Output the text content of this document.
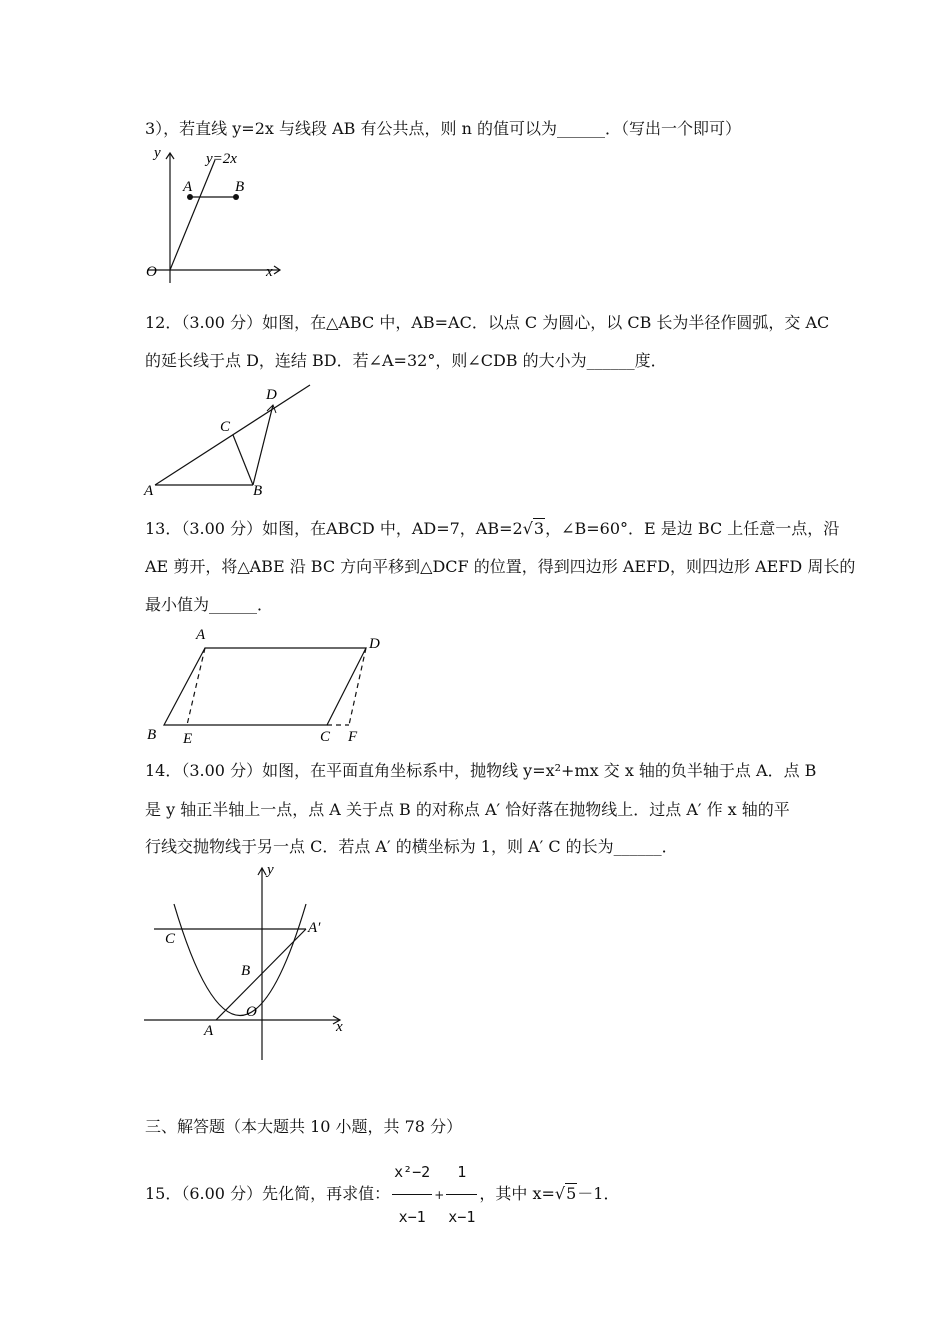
3），若直线 y=2x 与线段 AB 有公共点，则 n 的值可以为______．（写出一个即可）
y	y=2x
A	B
O	x
12．（3.00 分）如图，在△ABC 中，AB=AC．以点 C 为圆心，以 CB 长为半径作圆弧，交 AC
的延长线于点 D，连结 BD．若∠A=32°，则∠CDB 的大小为______度．
D
C
A	B
13．（3.00 分）如图，在ABCD 中，AD=7，AB=2√3，∠B=60°．E 是边 BC 上任意一点，沿
AE 剪开，将△ABE 沿 BC 方向平移到△DCF 的位置，得到四边形 AEFD，则四边形 AEFD 周长的
最小值为______．
A
D
B E	C F
14．（3.00 分）如图，在平面直角坐标系中，抛物线 y=x²+mx 交 x 轴的负半轴于点 A．点 B
是 y 轴正半轴上一点，点 A 关于点 B 的对称点 A′ 恰好落在抛物线上．过点 A′ 作 x 轴的平
行线交抛物线于另一点 C．若点 A′ 的横坐标为 1，则 A′ C 的长为______．
y
A′
C
B
O
A	x
三、解答题（本大题共 10 小题，共 78 分）
15．（6.00 分）先化简，再求值： $\frac{\text{x²−2}}{x-1} + \frac{1}{x-1}$ ，其中 x=√5－1．
